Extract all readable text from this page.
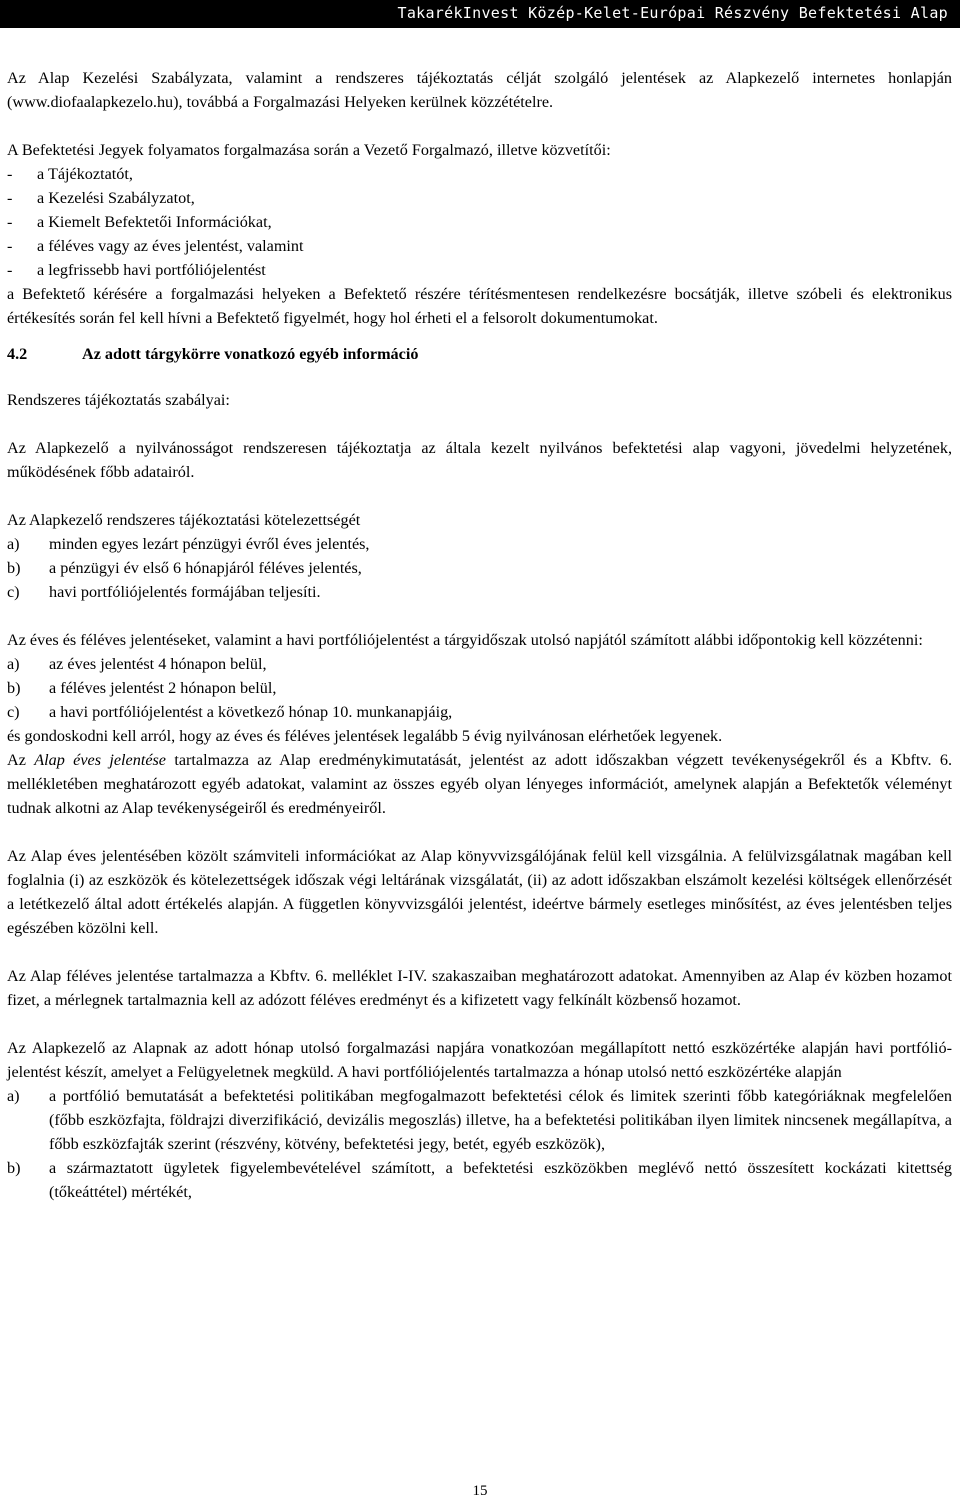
TakarékInvest Közép-Kelet-Európai Részvény Befektetési Alap

Az Alap Kezelési Szabályzata, valamint a rendszeres tájékoztatás célját szolgáló jelentések az Alapkezelő internetes honlapján (www.diofaalapkezelo.hu), továbbá a Forgalmazási Helyeken kerülnek közzétételre.

A Befektetési Jegyek folyamatos forgalmazása során a Vezető Forgalmazó, illetve közvetítői:

- a Tájékoztatót,
- a Kezelési Szabályzatot,
- a Kiemelt Befektetői Információkat,
- a féléves vagy az éves jelentést, valamint
- a legfrissebb havi portfóliójelentést

a Befektető kérésére a forgalmazási helyeken a Befektető részére térítésmentesen rendelkezésre bocsátják, illetve szóbeli és elektronikus értékesítés során fel kell hívni a Befektető figyelmét, hogy hol érheti el a felsorolt dokumentumokat.

4.2	Az adott tárgykörre vonatkozó egyéb információ

Rendszeres tájékoztatás szabályai:

Az Alapkezelő a nyilvánosságot rendszeresen tájékoztatja az általa kezelt nyilvános befektetési alap vagyoni, jövedelmi helyzetének, működésének főbb adatairól.

Az Alapkezelő rendszeres tájékoztatási kötelezettségét

a)	minden egyes lezárt pénzügyi évről éves jelentés,
b)	a pénzügyi év első 6 hónapjáról féléves jelentés,
c)	havi portfóliójelentés formájában teljesíti.

Az éves és féléves jelentéseket, valamint a havi portfóliójelentést a tárgyidőszak utolsó napjától számított alábbi időpontokig kell közzétenni:

a)	az éves jelentést 4 hónapon belül,
b)	a féléves jelentést 2 hónapon belül,
c)	a havi portfóliójelentést a következő hónap 10. munkanapjáig,

és gondoskodni kell arról, hogy az éves és féléves jelentések legalább 5 évig nyilvánosan elérhetőek legyenek.

Az Alap éves jelentése tartalmazza az Alap eredménykimutatását, jelentést az adott időszakban végzett tevékenységekről és a Kbftv. 6. mellékletében meghatározott egyéb adatokat, valamint az összes egyéb olyan lényeges információt, amelynek alapján a Befektetők véleményt tudnak alkotni az Alap tevékenységeiről és eredményeiről.

Az Alap éves jelentésében közölt számviteli információkat az Alap könyvvizsgálójának felül kell vizsgálnia. A felülvizsgálatnak magában kell foglalnia (i) az eszközök és kötelezettségek időszak végi leltárának vizsgálatát, (ii) az adott időszakban elszámolt kezelési költségek ellenőrzését a letétkezelő által adott értékelés alapján. A független könyvvizsgálói jelentést, ideértve bármely esetleges minősítést, az éves jelentésben teljes egészében közölni kell.

Az Alap féléves jelentése tartalmazza a Kbftv. 6. melléklet I-IV. szakaszaiban meghatározott adatokat. Amennyiben az Alap év közben hozamot fizet, a mérlegnek tartalmaznia kell az adózott féléves eredményt és a kifizetett vagy felkínált közbenső hozamot.

Az Alapkezelő az Alapnak az adott hónap utolsó forgalmazási napjára vonatkozóan megállapított nettó eszközértéke alapján havi portfólió-jelentést készít, amelyet a Felügyeletnek megküld. A havi portfóliójelentés tartalmazza a hónap utolsó nettó eszközértéke alapján

a)	a portfólió bemutatását a befektetési politikában megfogalmazott befektetési célok és limitek szerinti főbb kategóriáknak megfelelően (főbb eszközfajta, földrajzi diverzifikáció, devizális megoszlás) illetve, ha a befektetési politikában ilyen limitek nincsenek megállapítva, a főbb eszközfajták szerint (részvény, kötvény, befektetési jegy, betét, egyéb eszközök),
b)	a származtatott ügyletek figyelembevételével számított, a befektetési eszközökben meglévő nettó összesített kockázati kitettség (tőkeáttétel) mértékét,
15
